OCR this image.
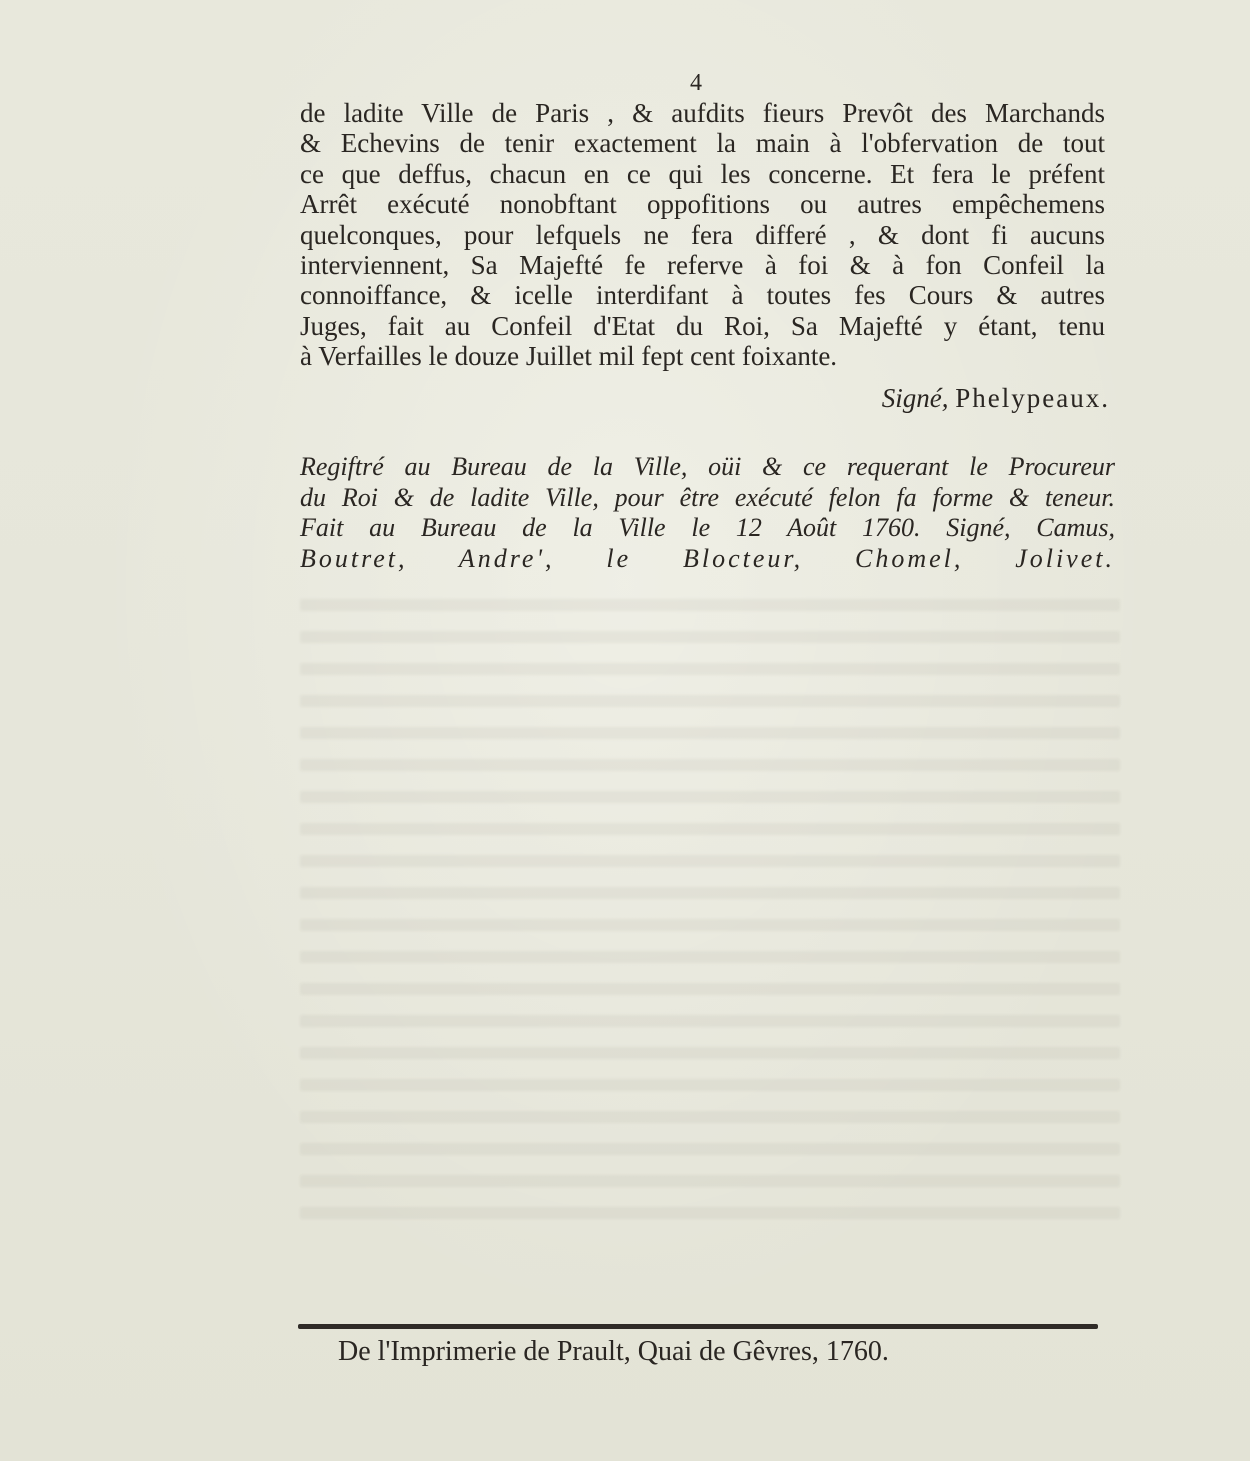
4
de ladite Ville de Paris , & aufdits fieurs Prevôt des Marchands
& Echevins de tenir exactement la main à l'obfervation de tout
ce que deffus, chacun en ce qui les concerne. Et fera le préfent
Arrêt exécuté nonobftant oppofitions ou autres empêchemens
quelconques, pour lefquels ne fera differé , & dont fi aucuns
interviennent, Sa Majefté fe referve à foi & à fon Confeil la
connoiffance, & icelle interdifant à toutes fes Cours & autres
Juges, fait au Confeil d'Etat du Roi, Sa Majefté y étant, tenu
à Verfailles le douze Juillet mil fept cent foixante.
Signé, Phelypeaux.
Regiftré au Bureau de la Ville, oüi & ce requerant le Procureur
du Roi & de ladite Ville, pour être exécuté felon fa forme & teneur.
Fait au Bureau de la Ville le 12 Août 1760. Signé, Camus,
Boutret, Andre', le Blocteur, Chomel, Jolivet.
De l'Imprimerie de Prault, Quai de Gêvres, 1760.
